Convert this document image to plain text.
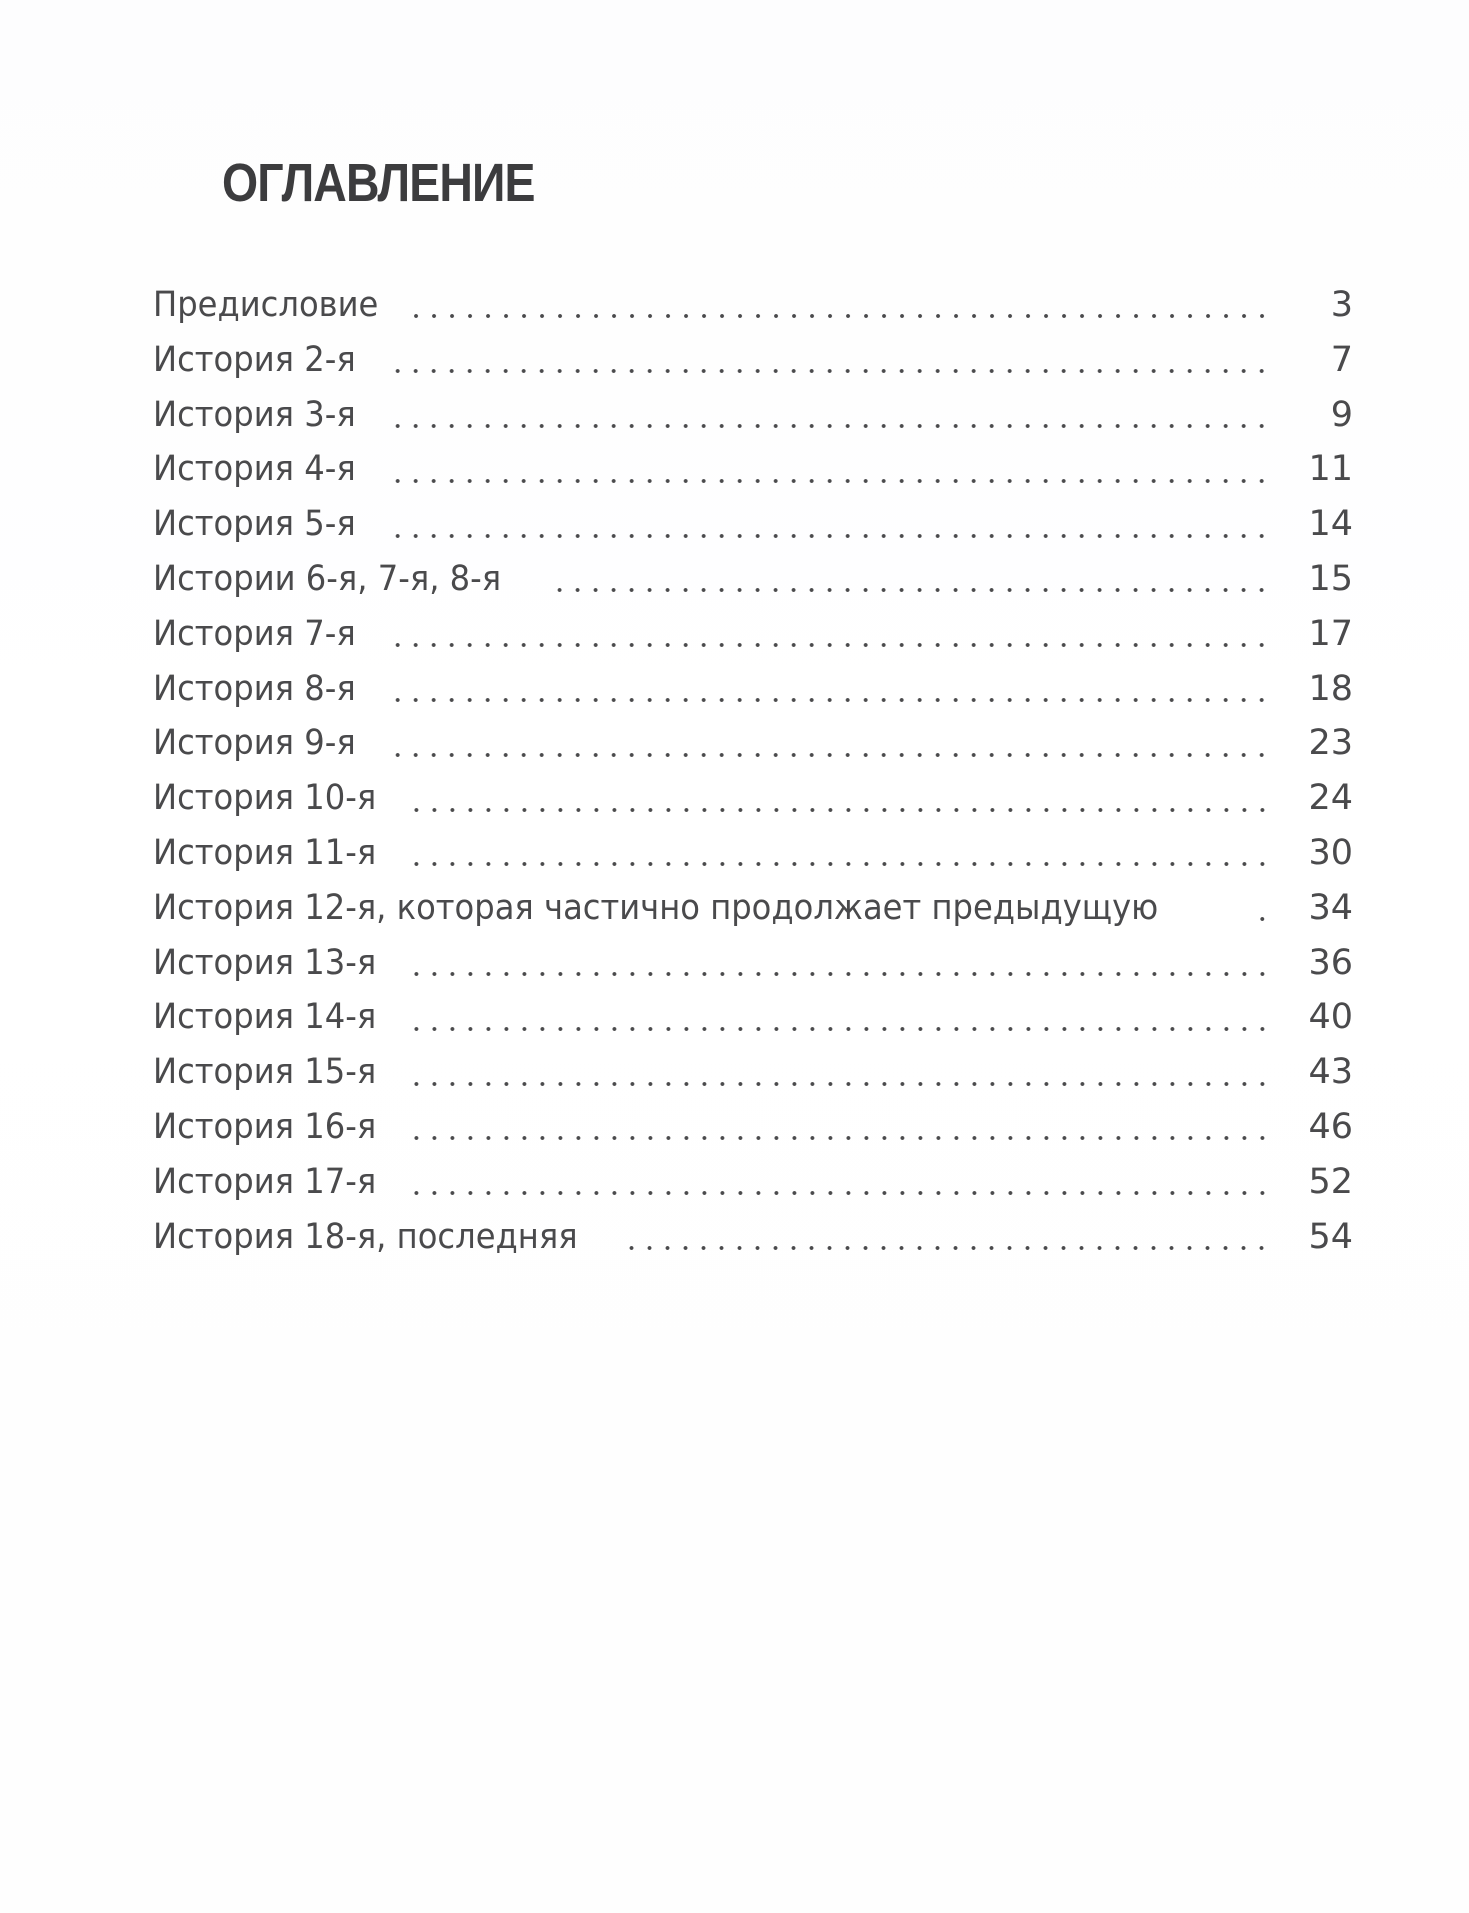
ОГЛАВЛЕНИЕ
Предисловие	3
История 2-я	7
История 3-я	9
История 4-я	11
История 5-я	14
Истории 6-я, 7-я, 8-я	15
История 7-я	17
История 8-я	18
История 9-я	23
История 10-я	24
История 11-я	30
История 12-я, которая частично продолжает предыдущую	34
История 13-я	36
История 14-я	40
История 15-я	43
История 16-я	46
История 17-я	52
История 18-я, последняя	54
